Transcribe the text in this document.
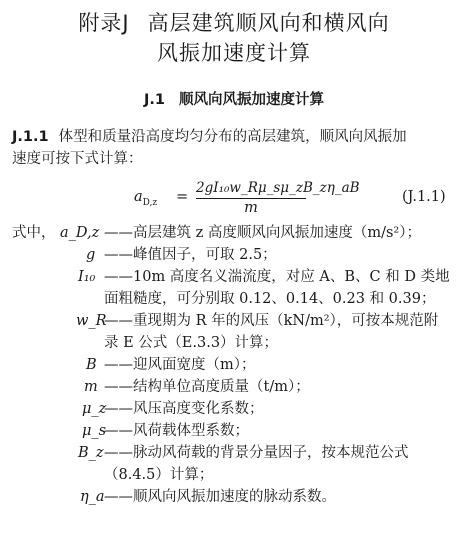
附录J 高层建筑顺风向和横风向
风振加速度计算
J.1 顺风向风振加速度计算
J.1.1 体型和质量沿高度均匀分布的高层建筑，顺风向风振加
速度可按下式计算：
$a_{D,z} = \frac{\text{2gI₁₀w\_Rμ\_sμ\_zB\_zη\_aB}}{m}$	(J.1.1)
式中， a_D,z ——高层建筑 z 高度顺风向风振加速度（m/s²）；
g ——峰值因子，可取 2.5；
I₁₀ ——10m 高度名义湍流度，对应 A、B、C 和 D 类地
面粗糙度，可分别取 0.12、0.14、0.23 和 0.39；
w_R
——重现期为 R 年的风压（kN/m²），可按本规范附
录 E 公式（E.3.3）计算；
B ——迎风面宽度（m）；
m ——结构单位高度质量（t/m）；
μ_z
——风压高度变化系数；
μ_s
——风荷载体型系数；
B_z ——脉动风荷载的背景分量因子，按本规范公式
（8.4.5）计算；
η_a ——顺风向风振加速度的脉动系数。
